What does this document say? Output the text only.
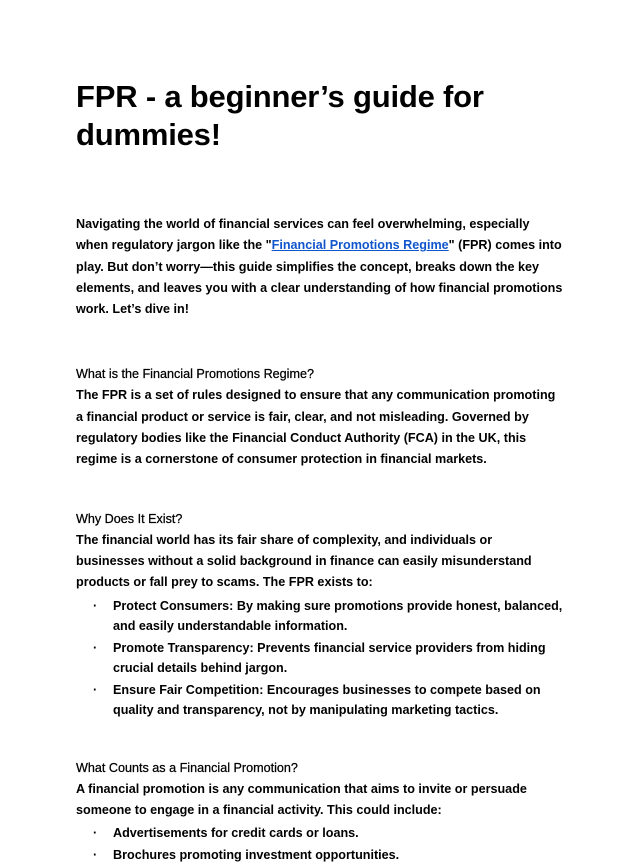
FPR - a beginner’s guide for dummies!

Navigating the world of financial services can feel overwhelming, especially when regulatory jargon like the "Financial Promotions Regime" (FPR) comes into play. But don’t worry—this guide simplifies the concept, breaks down the key elements, and leaves you with a clear understanding of how financial promotions work. Let’s dive in!

What is the Financial Promotions Regime?

The FPR is a set of rules designed to ensure that any communication promoting a financial product or service is fair, clear, and not misleading. Governed by regulatory bodies like the Financial Conduct Authority (FCA) in the UK, this regime is a cornerstone of consumer protection in financial markets.

Why Does It Exist?

The financial world has its fair share of complexity, and individuals or businesses without a solid background in finance can easily misunderstand products or fall prey to scams. The FPR exists to:

· Protect Consumers: By making sure promotions provide honest, balanced, and easily understandable information.
· Promote Transparency: Prevents financial service providers from hiding crucial details behind jargon.
· Ensure Fair Competition: Encourages businesses to compete based on quality and transparency, not by manipulating marketing tactics.

What Counts as a Financial Promotion?

A financial promotion is any communication that aims to invite or persuade someone to engage in a financial activity. This could include:

· Advertisements for credit cards or loans.
· Brochures promoting investment opportunities.
